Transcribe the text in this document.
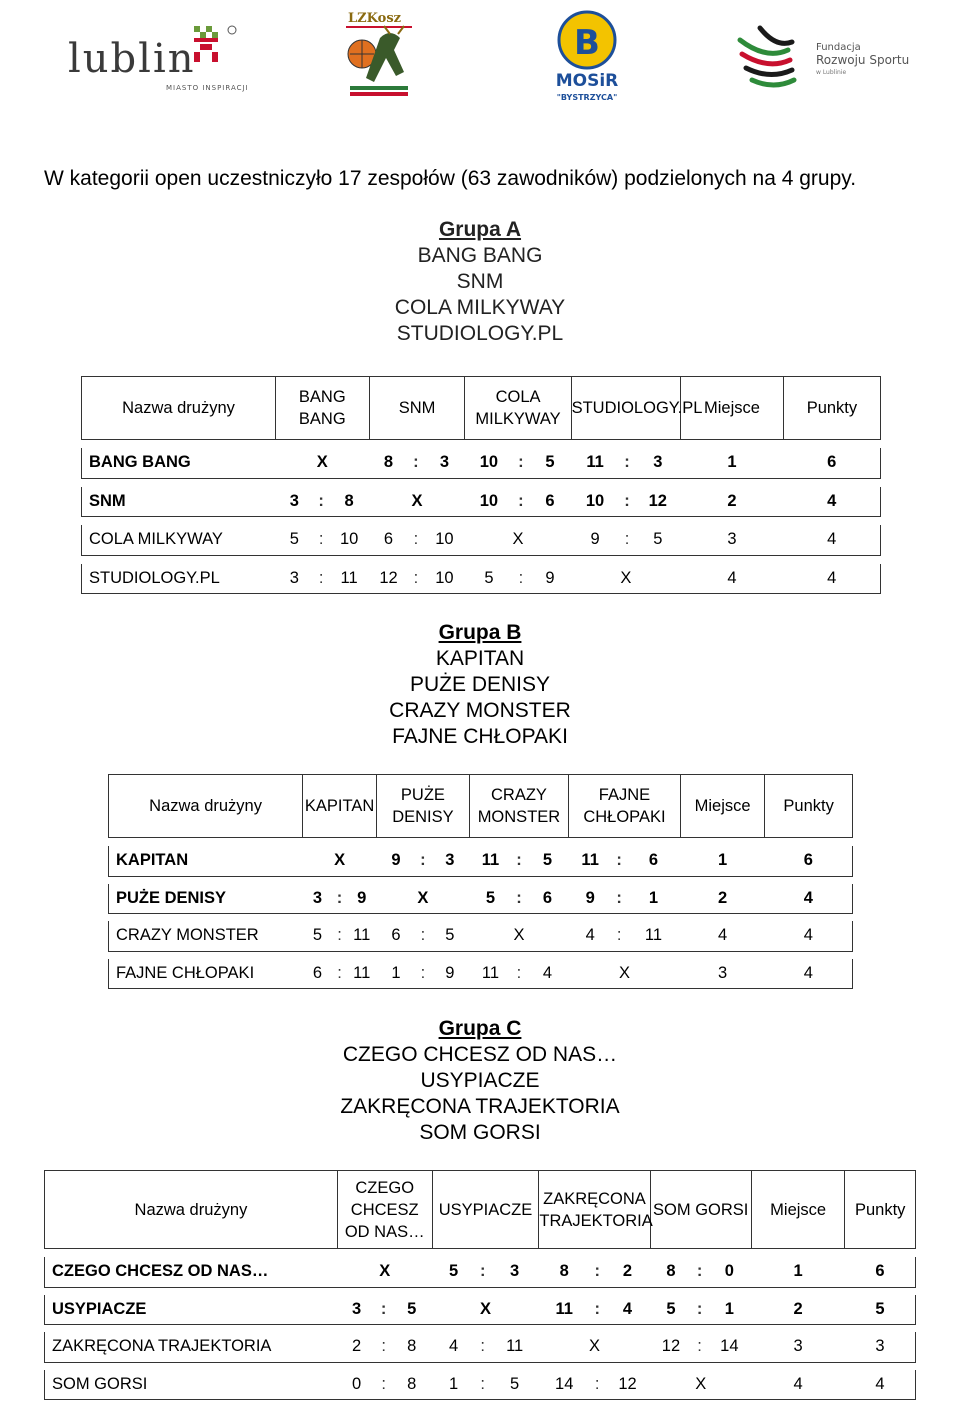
lublin
MIASTO INSPIRACJI
LZKosz
B
MOSiR
"BYSTRZYCA"
Fundacja
Rozwoju Sportu
w Lublinie
W kategorii open uczestniczyło 17 zespołów (63 zawodników) podzielonych na 4 grupy.
Grupa A
BANG BANG
SNM
COLA MILKYWAY
STUDIOLOGY.PL
Nazwa drużyny	BANG BANG			SNM			COLA MILKYWAY			STUDIOLOGY.PL			Miejsce	Punkty

BANG BANG	X			8	:	3	10	:	5	11	:	3	1	6

SNM	3	:	8	X			10	:	6	10	:	12	2	4

COLA MILKYWAY	5	:	10	6	:	10	X			9	:	5	3	4

STUDIOLOGY.PL	3	:	11	12	:	10	5	:	9	X			4	4
Grupa B
KAPITAN
PUŻE DENISY
CRAZY MONSTER
FAJNE CHŁOPAKI
Nazwa drużyny	KAPITAN			PUŻE DENISY			CRAZY MONSTER			FAJNE CHŁOPAKI			Miejsce	Punkty

KAPITAN	X			9	:	3	11	:	5	11	:	6	1	6

PUŻE DENISY	3	:	9	X			5	:	6	9	:	1	2	4

CRAZY MONSTER	5	:	11	6	:	5	X			4	:	11	4	4

FAJNE CHŁOPAKI	6	:	11	1	:	9	11	:	4	X			3	4
Grupa C
CZEGO CHCESZ OD NAS…
USYPIACZE
ZAKRĘCONA TRAJEKTORIA
SOM GORSI
Nazwa drużyny	CZEGO CHCESZ OD NAS…			USYPIACZE			ZAKRĘCONA TRAJEKTORIA			SOM GORSI			Miejsce	Punkty

CZEGO CHCESZ OD NAS…	X			5	:	3	8	:	2	8	:	0	1	6

USYPIACZE	3	:	5	X			11	:	4	5	:	1	2	5

ZAKRĘCONA TRAJEKTORIA	2	:	8	4	:	11	X			12	:	14	3	3

SOM GORSI	0	:	8	1	:	5	14	:	12	X			4	4
